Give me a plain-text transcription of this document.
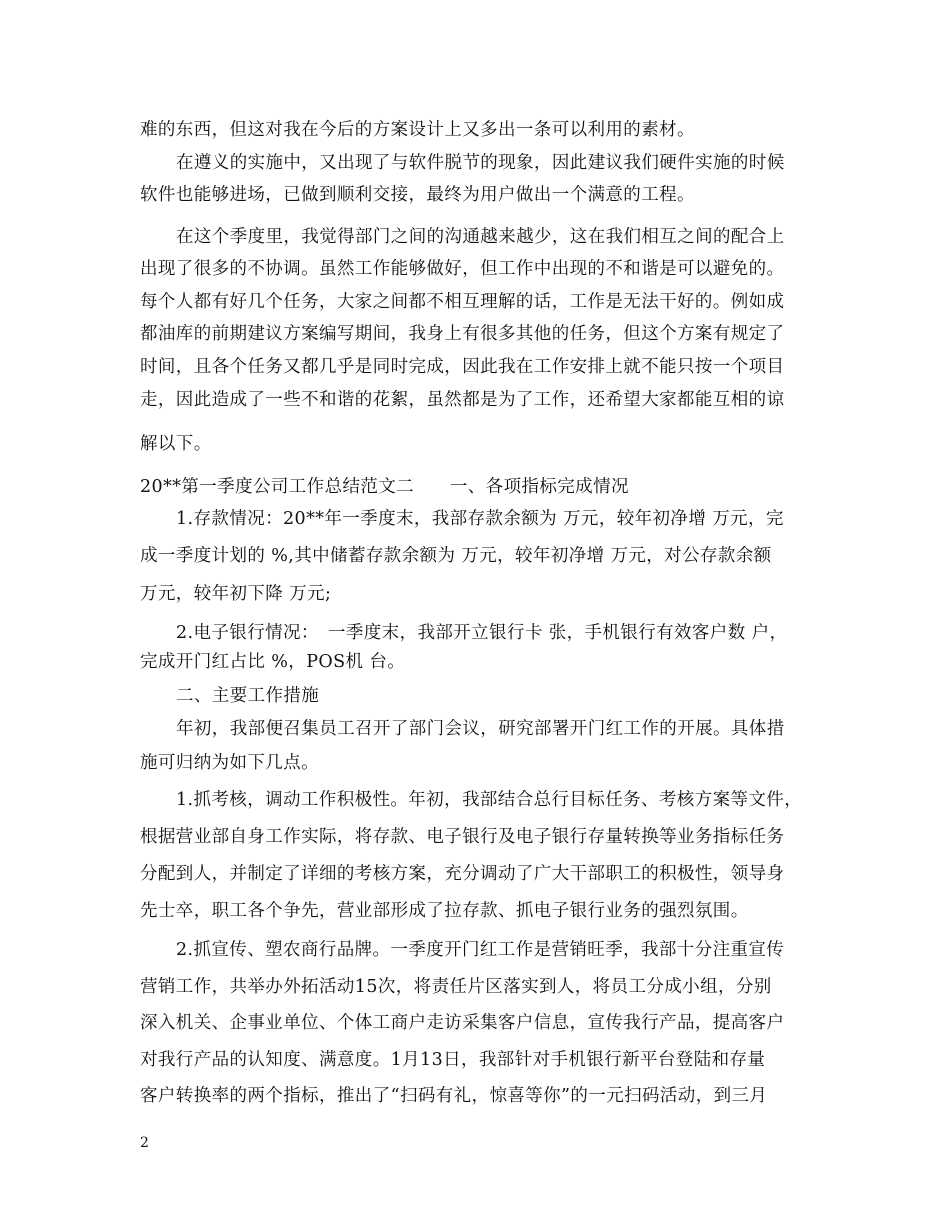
难的东西，但这对我在今后的方案设计上又多出一条可以利用的素材。
在遵义的实施中，又出现了与软件脱节的现象，因此建议我们硬件实施的时候
软件也能够进场，已做到顺利交接，最终为用户做出一个满意的工程。
在这个季度里，我觉得部门之间的沟通越来越少，这在我们相互之间的配合上
出现了很多的不协调。虽然工作能够做好，但工作中出现的不和谐是可以避免的。
每个人都有好几个任务，大家之间都不相互理解的话，工作是无法干好的。例如成
都油库的前期建议方案编写期间，我身上有很多其他的任务，但这个方案有规定了
时间，且各个任务又都几乎是同时完成，因此我在工作安排上就不能只按一个项目
走，因此造成了一些不和谐的花絮，虽然都是为了工作，还希望大家都能互相的谅
解以下。
20**第一季度公司工作总结范文二　　一、各项指标完成情况
1.存款情况：20**年一季度末，我部存款余额为 万元，较年初净增 万元，完
成一季度计划的 %,其中储蓄存款余额为 万元，较年初净增 万元，对公存款余额
万元，较年初下降 万元;
2.电子银行情况：　一季度末，我部开立银行卡 张，手机银行有效客户数 户，
完成开门红占比 %，POS机 台。
二、主要工作措施
年初，我部便召集员工召开了部门会议，研究部署开门红工作的开展。具体措
施可归纳为如下几点。
1.抓考核，调动工作积极性。年初，我部结合总行目标任务、考核方案等文件，
根据营业部自身工作实际，将存款、电子银行及电子银行存量转换等业务指标任务
分配到人，并制定了详细的考核方案，充分调动了广大干部职工的积极性，领导身
先士卒，职工各个争先，营业部形成了拉存款、抓电子银行业务的强烈氛围。
2.抓宣传、塑农商行品牌。一季度开门红工作是营销旺季，我部十分注重宣传
营销工作，共举办外拓活动15次，将责任片区落实到人，将员工分成小组，分别
深入机关、企事业单位、个体工商户走访采集客户信息，宣传我行产品，提高客户
对我行产品的认知度、满意度。1月13日，我部针对手机银行新平台登陆和存量
客户转换率的两个指标，推出了“扫码有礼，惊喜等你”的一元扫码活动，到三月
2
